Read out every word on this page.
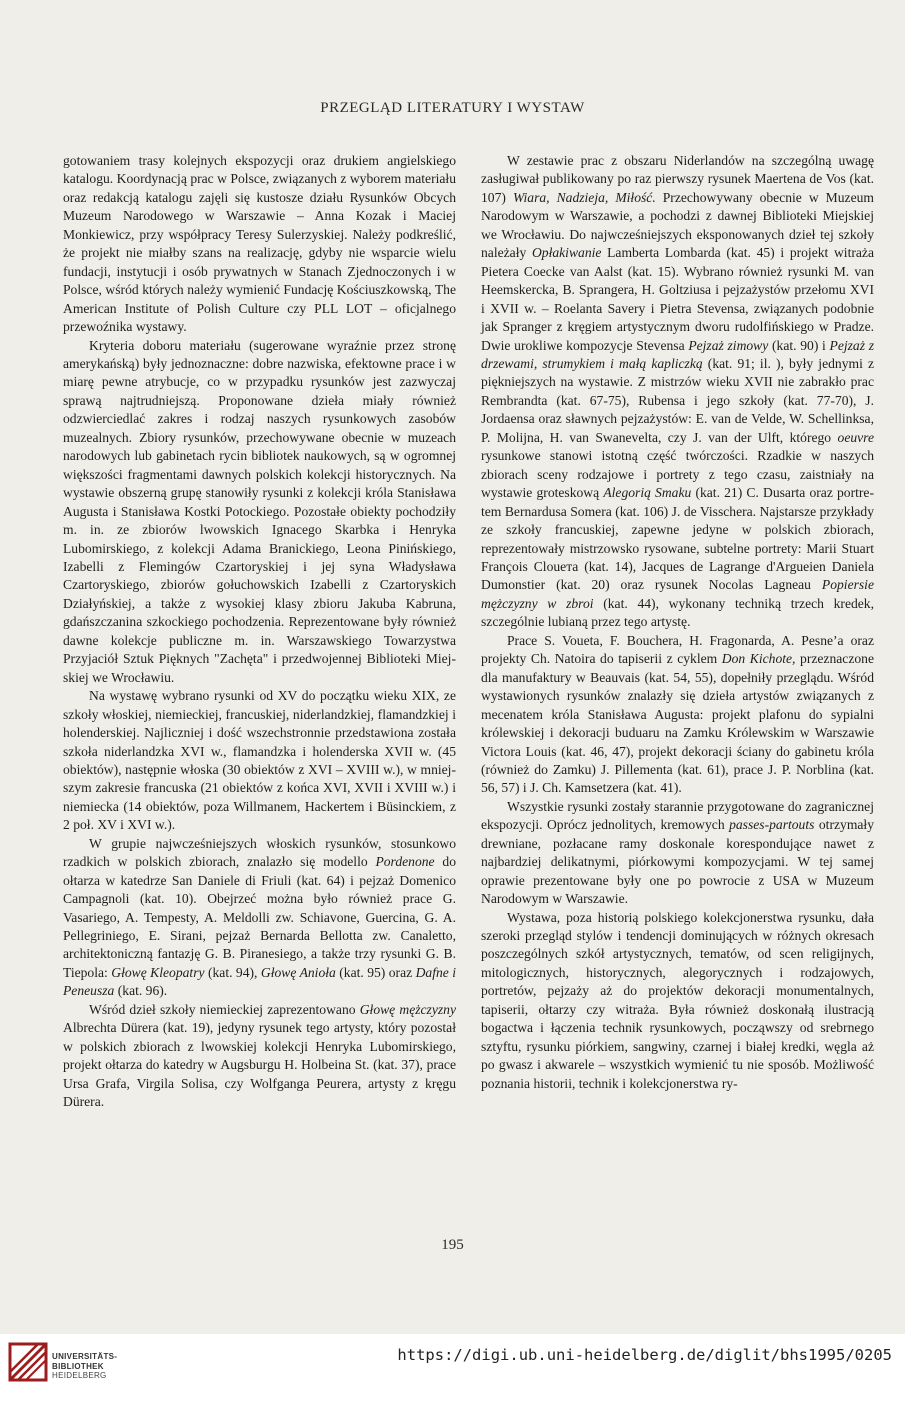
PRZEGLĄD LITERATURY I WYSTAW

gotowaniem trasy kolejnych ekspozycji oraz drukiem angielskiego katalogu. Koordynacją prac w Polsce, związanych z wyborem materiału oraz redakcją katalogu zajęli się kustosze działu Rysunków Obcych Muzeum Narodowego w Warszawie – Anna Kozak i Maciej Monkiewicz, przy współpracy Teresy Sulerzyskiej. Należy podkreślić, że projekt nie miałby szans na realizację, gdyby nie wsparcie wielu fundacji, instytucji i osób prywatnych w Stanach Zjednoczonych i w Polsce, wśród których należy wymienić Fundację Kościuszkowską, The American Institute of Polish Culture czy PLL LOT – oficjalnego przewoźnika wystawy.

Kryteria doboru materiału (sugerowane wyraźnie przez stronę amerykańską) były jednoznaczne: dobre nazwiska, efektowne prace i w miarę pewne atrybucje, co w przypadku rysunków jest zazwyczaj sprawą najtrudniejszą. Proponowane dzieła miały również odzwierciedlać zakres i rodzaj naszych rysunkowych zasobów muzealnych. Zbiory rysunków, przechowywane obecnie w muzeach narodowych lub gabinetach rycin bibliotek naukowych, są w ogromnej większości fragmentami dawnych polskich kolekcji historycznych. Na wystawie obszerną grupę stanowiły rysunki z kolekcji króla Stanisława Augusta i Stanisława Kostki Potockiego. Pozostałe obiekty pochodziły m. in. ze zbiorów lwowskich Ignacego Skarbka i Henryka Lubomirskiego, z kolekcji Adama Branickiego, Leona Pinińskiego, Izabelli z Flemingów Czartoryskiej i jej syna Władysława Czartoryskiego, zbiorów gołuchowskich Izabelli z Czartoryskich Działyńskiej, a także z wysokiej klasy zbioru Jakuba Kabruna, gdańszczanina szkockiego pochodzenia. Reprezentowane były również dawne kolekcje publiczne m. in. Warszawskiego Towarzystwa Przyjaciół Sztuk Pięknych "Zachęta" i przedwojennej Biblioteki Miejskiej we Wrocławiu.

Na wystawę wybrano rysunki od XV do początku wieku XIX, ze szkoły włoskiej, niemieckiej, francuskiej, niderlandzkiej, flamandzkiej i holenderskiej. Najliczniej i dość wszechstronnie przedstawiona została szkoła niderlandzka XVI w., flamandzka i holenderska XVII w. (45 obiektów), następnie włoska (30 obiektów z XVI – XVIII w.), w mniejszym zakresie francuska (21 obiektów z końca XVI, XVII i XVIII w.) i niemiecka (14 obiektów, poza Willmanem, Hackertem i Büsinckiem, z 2 poł. XV i XVI w.).

W grupie najwcześniejszych włoskich rysunków, stosunkowo rzadkich w polskich zbiorach, znalazło się modello Pordenone do ołtarza w katedrze San Daniele di Friuli (kat. 64) i pejzaż Domenico Campagnoli (kat. 10). Obejrzeć można było również prace G. Vasariego, A. Tempesty, A. Meldolli zw. Schiavone, Guercina, G. A. Pellegriniego, E. Sirani, pejzaż Bernarda Bellotta zw. Canaletto, architektoniczną fantazję G. B. Piranesiego, a także trzy rysunki G. B. Tiepola: Głowę Kleopatry (kat. 94), Głowę Anioła (kat. 95) oraz Dafne i Peneusza (kat. 96).

Wśród dzieł szkoły niemieckiej zaprezentowano Głowę mężczyzny Albrechta Dürera (kat. 19), jedyny rysunek tego artysty, który pozostał w polskich zbiorach z lwowskiej kolekcji Henryka Lubomirskiego, projekt ołtarza do katedry w Augsburgu H. Holbeina St. (kat. 37), prace Ursa Grafa, Virgila Solisa, czy Wolfganga Peurera, artysty z kręgu Dürera.

W zestawie prac z obszaru Niderlandów na szczególną uwagę zasługiwał publikowany po raz pierwszy rysunek Maertena de Vos (kat. 107) Wiara, Nadzieja, Miłość. Przechowywany obecnie w Muzeum Narodowym w Warszawie, a pochodzi z dawnej Biblioteki Miejskiej we Wrocławiu. Do najwcześniejszych eksponowanych dzieł tej szkoły należały Opłakiwanie Lamberta Lombarda (kat. 45) i projekt witraża Pietera Coecke van Aalst (kat. 15). Wybrano również rysunki M. van Heemskercka, B. Sprangera, H. Goltziusa i pejzażystów przełomu XVI i XVII w. – Roelanta Savery i Pietra Stevensa, związanych podobnie jak Spranger z kręgiem artystycznym dworu rudolfińskiego w Pradze. Dwie urokliwe kompozycje Stevensa Pejzaż zimowy (kat. 90) i Pejzaż z drzewami, strumykiem i małą kapliczką (kat. 91; il. ), były jednymi z piękniejszych na wystawie. Z mistrzów wieku XVII nie zabrakło prac Rembrandta (kat. 67-75), Rubensa i jego szkoły (kat. 77-70), J. Jordaensa oraz sławnych pejzażystów: E. van de Velde, W. Schellinksa, P. Molijna, H. van Swanevelta, czy J. van der Ulft, którego oeuvre rysunkowe stanowi istotną część twórczości. Rzadkie w naszych zbiorach sceny rodzajowe i portrety z tego czasu, zaistniały na wystawie groteskową Alegorią Smaku (kat. 21) C. Dusarta oraz portretem Bernardusa Somera (kat. 106) J. de Visschera. Najstarsze przykłady ze szkoły francuskiej, zapewne jedyne w polskich zbiorach, reprezentowały mistrzowsko rysowane, subtelne portrety: Marii Stuart François Clouета (kat. 14), Jacques de Lagrange d'Argueien Daniela Dumonstier (kat. 20) oraz rysunek Nocolas Lagneau Popiersie mężczyzny w zbroi (kat. 44), wykonany techniką trzech kredek, szczególnie lubianą przez tego artystę.

Prace S. Voueta, F. Bouchera, H. Fragonarda, A. Pesne’a oraz projekty Ch. Natoira do tapiserii z cyklem Don Kichote, przeznaczone dla manufaktury w Beauvais (kat. 54, 55), dopełniły przeglądu. Wśród wystawionych rysunków znalazły się dzieła artystów związanych z mecenatem króla Stanisława Augusta: projekt plafonu do sypialni królewskiej i dekoracji buduaru na Zamku Królewskim w Warszawie Victora Louis (kat. 46, 47), projekt dekoracji ściany do gabinetu króla (również do Zamku) J. Pillementa (kat. 61), prace J. P. Norblina (kat. 56, 57) i J. Ch. Kamsetzera (kat. 41).

Wszystkie rysunki zostały starannie przygotowane do zagranicznej ekspozycji. Oprócz jednolitych, kremowych passes-partouts otrzymały drewniane, pozłacane ramy doskonale korespondujące nawet z najbardziej delikatnymi, piórkowymi kompozycjami. W tej samej oprawie prezentowane były one po powrocie z USA w Muzeum Narodowym w Warszawie.

Wystawa, poza historią polskiego kolekcjonerstwa rysunku, dała szeroki przegląd stylów i tendencji dominujących w różnych okresach poszczególnych szkół artystycznych, tematów, od scen religijnych, mitologicznych, historycznych, alegorycznych i rodzajowych, portretów, pejzaży aż do projektów dekoracji monumentalnych, tapiserii, ołtarzy czy witraża. Była również doskonałą ilustracją bogactwa i łączenia technik rysunkowych, począwszy od srebrnego sztyftu, rysunku piórkiem, sangwiny, czarnej i białej kredki, węgla aż po gwasz i akwarele – wszystkich wymienić tu nie sposób. Możliwość poznania historii, technik i kolekcjonerstwa ry-

195
UNIVERSITÄTS-
BIBLIOTHEK
HEIDELBERG
https://digi.ub.uni-heidelberg.de/diglit/bhs1995/0205
